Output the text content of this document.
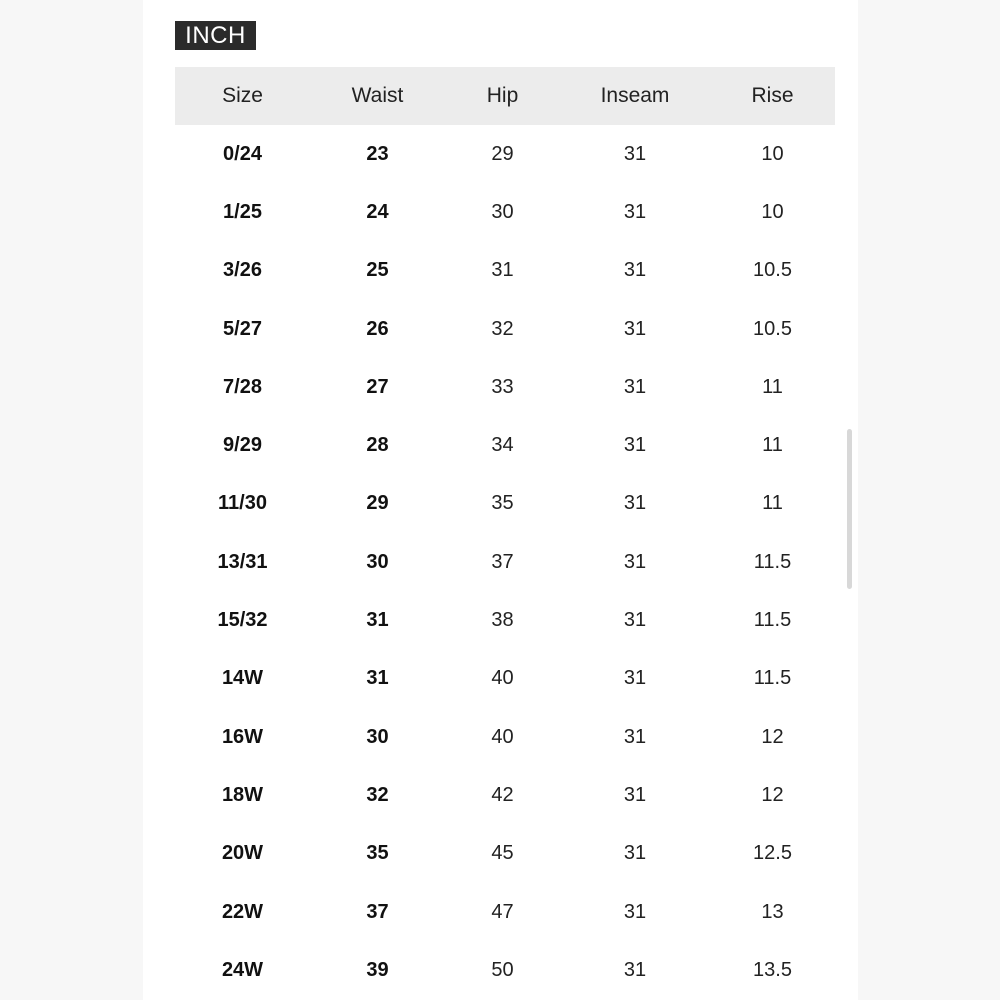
INCH
Size	Waist	Hip	Inseam	Rise
0/24	23	29	31	10
1/25	24	30	31	10
3/26	25	31	31	10.5
5/27	26	32	31	10.5
7/28	27	33	31	11
9/29	28	34	31	11
11/30	29	35	31	11
13/31	30	37	31	11.5
15/32	31	38	31	11.5
14W	31	40	31	11.5
16W	30	40	31	12
18W	32	42	31	12
20W	35	45	31	12.5
22W	37	47	31	13
24W	39	50	31	13.5
